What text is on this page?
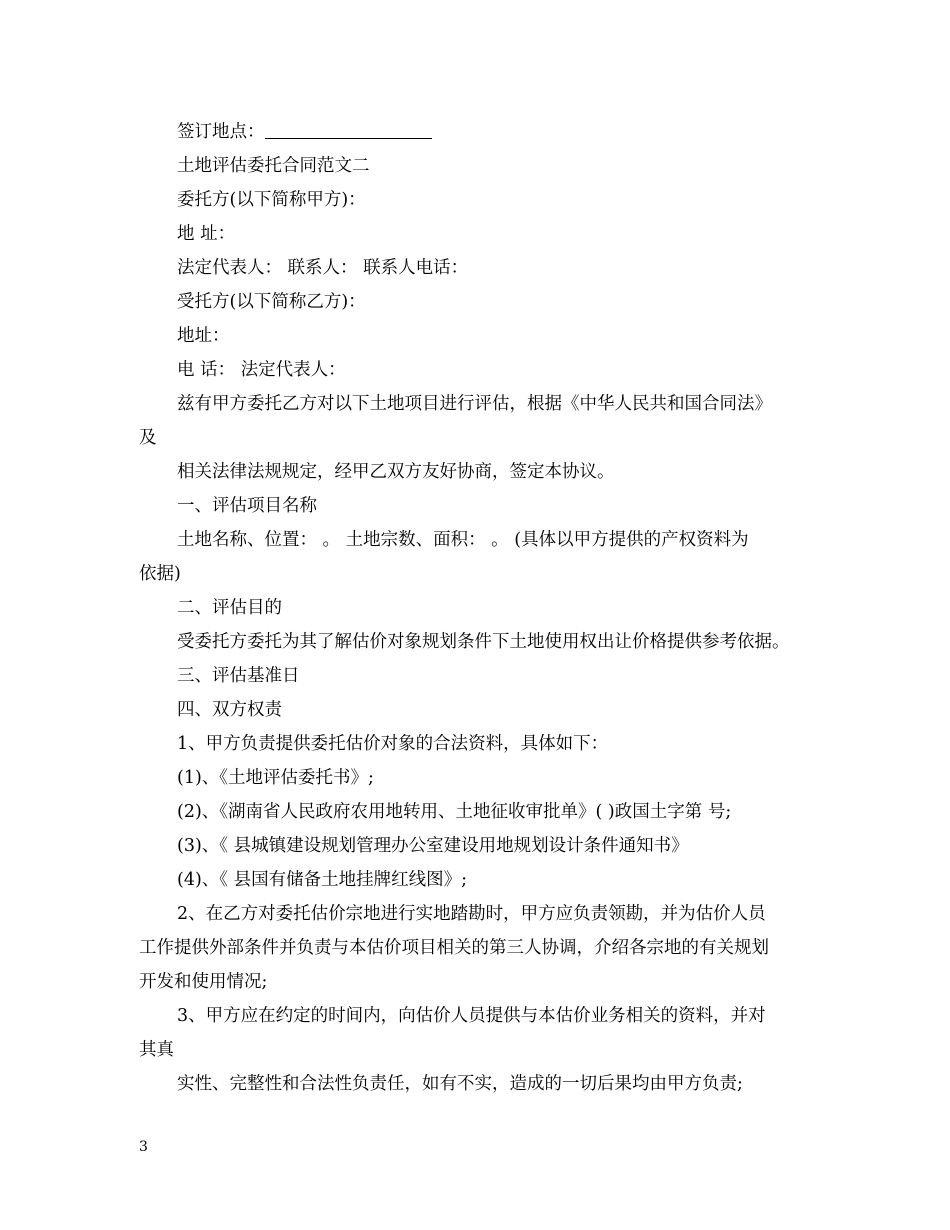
签订地点：
土地评估委托合同范文二
委托方(以下简称甲方)：
地 址：
法定代表人： 联系人： 联系人电话：
受托方(以下简称乙方)：
地址：
电 话： 法定代表人：
兹有甲方委托乙方对以下土地项目进行评估，根据《中华人民共和国合同法》
及
相关法律法规规定，经甲乙双方友好协商，签定本协议。
一、评估项目名称
土地名称、位置： 。 土地宗数、面积： 。 (具体以甲方提供的产权资料为
依据)
二、评估目的
受委托方委托为其了解估价对象规划条件下土地使用权出让价格提供参考依据。
三、评估基准日
四、双方权责
1、甲方负责提供委托估价对象的合法资料，具体如下：
(1)、《土地评估委托书》;
(2)、《湖南省人民政府农用地转用、土地征收审批单》( )政国土字第 号;
(3)、《 县城镇建设规划管理办公室建设用地规划设计条件通知书》
(4)、《 县国有储备土地挂牌红线图》;
2、在乙方对委托估价宗地进行实地踏勘时，甲方应负责领勘，并为估价人员
工作提供外部条件并负责与本估价项目相关的第三人协调，介绍各宗地的有关规划
开发和使用情况;
3、甲方应在约定的时间内，向估价人员提供与本估价业务相关的资料，并对
其真
实性、完整性和合法性负责任，如有不实，造成的一切后果均由甲方负责;
3
